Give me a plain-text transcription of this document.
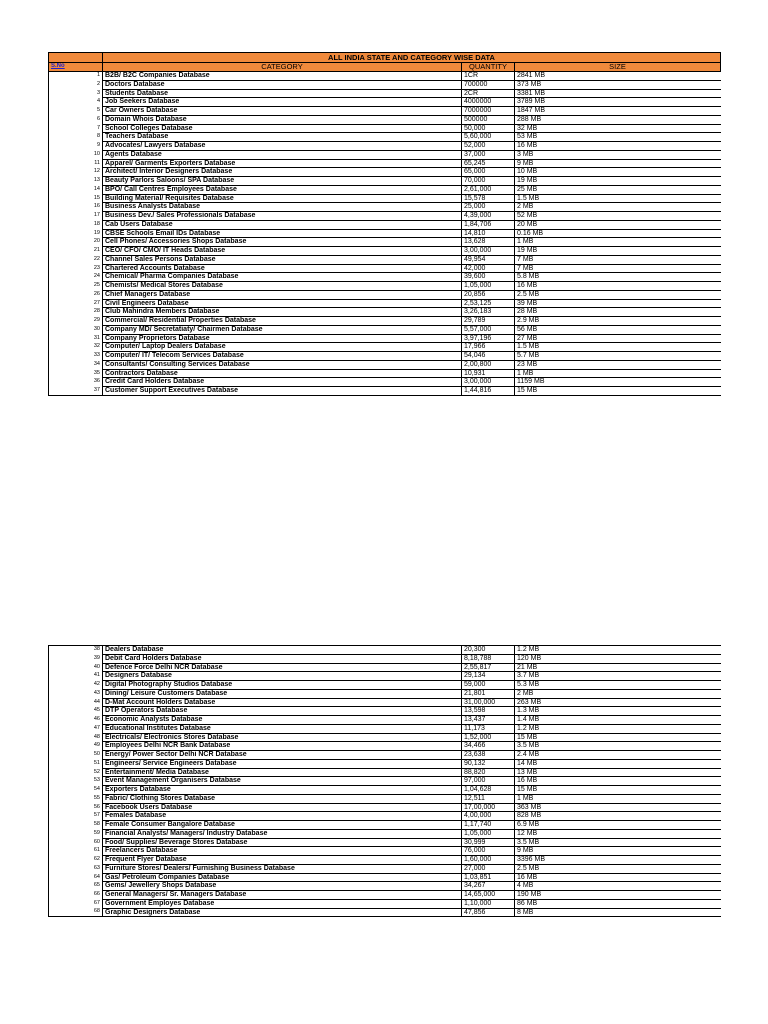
	ALL INDIA STATE AND CATEGORY WISE DATA		
S.No	CATEGORY	QUANTITY	SIZE
1	B2B/ B2C Companies Database	1CR	2841 MB
2	Doctors Database	700000	373 MB
3	Students Database	2CR	3381 MB
4	Job Seekers Database	4000000	3789 MB
5	Car Owners Database	7000000	1847 MB
6	Domain Whois Database	500000	288 MB
7	School Colleges Database	50,000	32 MB
8	Teachers Database	5,60,000	53 MB
9	Advocates/ Lawyers Database	52,000	16 MB
10	Agents Database	37,000	3 MB
11	Apparel/ Garments Exporters Database	65,245	9 MB
12	Architect/ Interior Designers Database	65,000	10 MB
13	Beauty Parlors Saloons/ SPA Database	70,000	19 MB
14	BPO/ Call Centres Employees Database	2,61,000	25 MB
15	Building Material/ Requisites Database	15,578	1.5 MB
16	Business Analysts Database	25,000	2 MB
17	Business Dev./ Sales Professionals Database	4,39,000	52 MB
18	Cab Users Database	1,84,706	20 MB
19	CBSE Schools Email IDs Database	14,810	0.16 MB
20	Cell Phones/ Accessories Shops Database	13,628	1 MB
21	CEO/ CFO/ CMO/ IT Heads Database	3,00,000	19 MB
22	Channel Sales Persons Database	49,954	7 MB
23	Chartered Accounts Database	42,000	7 MB
24	Chemical/ Pharma Companies Database	39,600	5.8 MB
25	Chemists/ Medical Stores Database	1,05,000	16 MB
26	Chief Managers Database	20,856	2.5 MB
27	Civil Engineers Database	2,53,125	39 MB
28	Club Mahindra Members Database	3,26,183	28 MB
29	Commercial/ Residential Properties Database	29,789	2.9 MB
30	Company MD/ Secretatiaty/ Chairmen Database	5,57,000	56 MB
31	Company Proprietors Database	3,97,196	27 MB
32	Computer/ Laptop Dealers Database	17,966	1.5 MB
33	Computer/ IT/ Telecom Services Database	54,046	5.7 MB
34	Consultants/ Consulting Services Database	2,00,800	23 MB
35	Contractors Database	10,931	1 MB
36	Credit Card Holders Database	3,00,000	1159 MB
37	Customer Support Executives Database	1,44,816	15 MB
38	Dealers Database	20,300	1.2 MB
39	Debit Card Holders Database	8,18,788	120 MB
40	Defence Force Delhi NCR Database	2,55,817	21 MB
41	Designers Database	29,134	3.7 MB
42	Digital Photography Studios Database	59,000	5.3 MB
43	Dining/ Leisure Customers Database	21,801	2 MB
44	D-Mat Account Holders Database	31,00,000	263 MB
45	DTP Operators Database	13,598	1.3 MB
46	Economic Analysts Database	13,437	1.4 MB
47	Educational Institutes Database	11,173	1.2 MB
48	Electricals/ Electronics Stores Database	1,52,000	15 MB
49	Employees Delhi NCR Bank Database	34,466	3.5 MB
50	Energy/ Power Sector Delhi NCR Database	23,638	2.4 MB
51	Engineers/ Service Engineers Database	90,132	14 MB
52	Entertainment/ Media Database	88,820	13 MB
53	Event Management Organisers Database	97,000	16 MB
54	Exporters Database	1,04,628	15 MB
55	Fabric/ Clothing Stores Database	12,511	1 MB
56	Facebook Users Database	17,00,000	363 MB
57	Females Database	4,00,000	828 MB
58	Female Consumer Bangalore Database	1,17,740	6.9 MB
59	Financial Analysts/ Managers/ Industry Database	1,05,000	12 MB
60	Food/ Supplies/ Beverage Stores Database	30,999	3.5 MB
61	Freelancers Database	76,000	9 MB
62	Frequent Flyer Database	1,60,000	3396 MB
63	Furniture Stores/ Dealers/ Furnishing Business Database	27,000	2.5 MB
64	Gas/ Petroleum Companies Database	1,03,851	16 MB
65	Gems/ Jewellery Shops Database	34,267	4 MB
66	General Managers/ Sr. Managers Database	14,65,000	190 MB
67	Government Employes Database	1,10,000	86 MB
68	Graphic Designers Database	47,856	8 MB
